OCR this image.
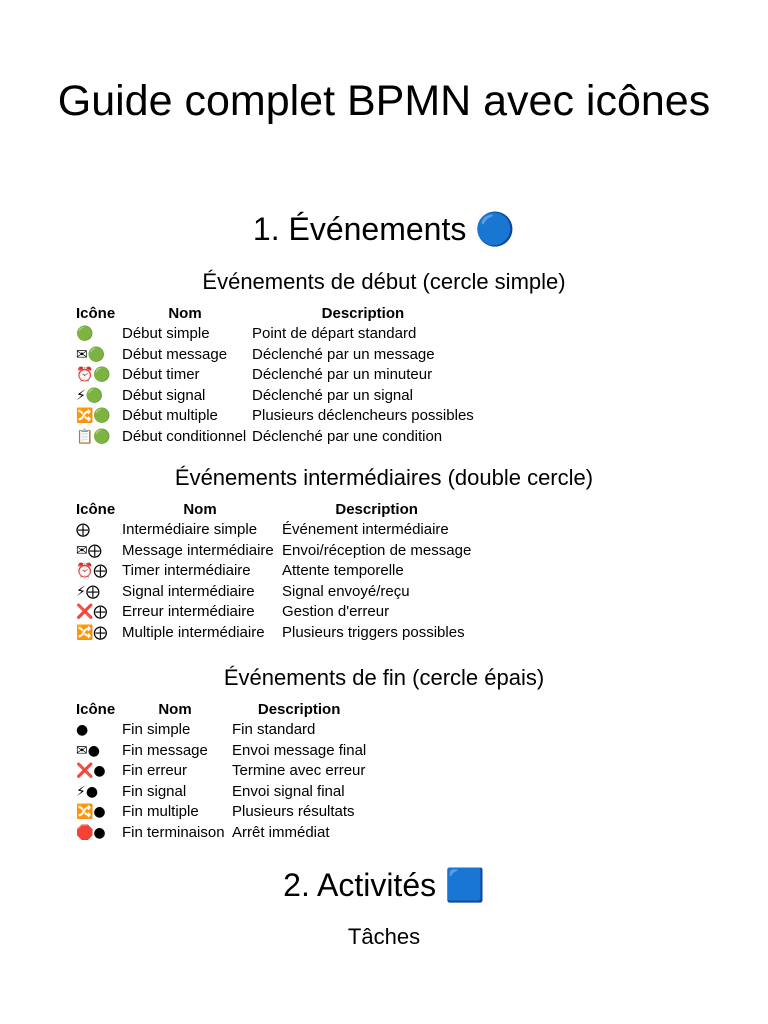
Guide complet BPMN avec icônes
1. Événements 🔵
Événements de début (cercle simple)
Icône	Nom	Description
🟢	Début simple	Point de départ standard
✉🟢	Début message	Déclenché par un message
⏰🟢	Début timer	Déclenché par un minuteur
⚡🟢	Début signal	Déclenché par un signal
🔀🟢	Début multiple	Plusieurs déclencheurs possibles
📋🟢	Début conditionnel	Déclenché par une condition
Événements intermédiaires (double cercle)
Icône	Nom	Description
⨁	Intermédiaire simple	Événement intermédiaire
✉⨁	Message intermédiaire	Envoi/réception de message
⏰⨁	Timer intermédiaire	Attente temporelle
⚡⨁	Signal intermédiaire	Signal envoyé/reçu
❌⨁	Erreur intermédiaire	Gestion d'erreur
🔀⨁	Multiple intermédiaire	Plusieurs triggers possibles
Événements de fin (cercle épais)
Icône	Nom	Description
●	Fin simple	Fin standard
✉●	Fin message	Envoi message final
❌●	Fin erreur	Termine avec erreur
⚡●	Fin signal	Envoi signal final
🔀●	Fin multiple	Plusieurs résultats
🛑●	Fin terminaison	Arrêt immédiat
2. Activités 🟦
Tâches
